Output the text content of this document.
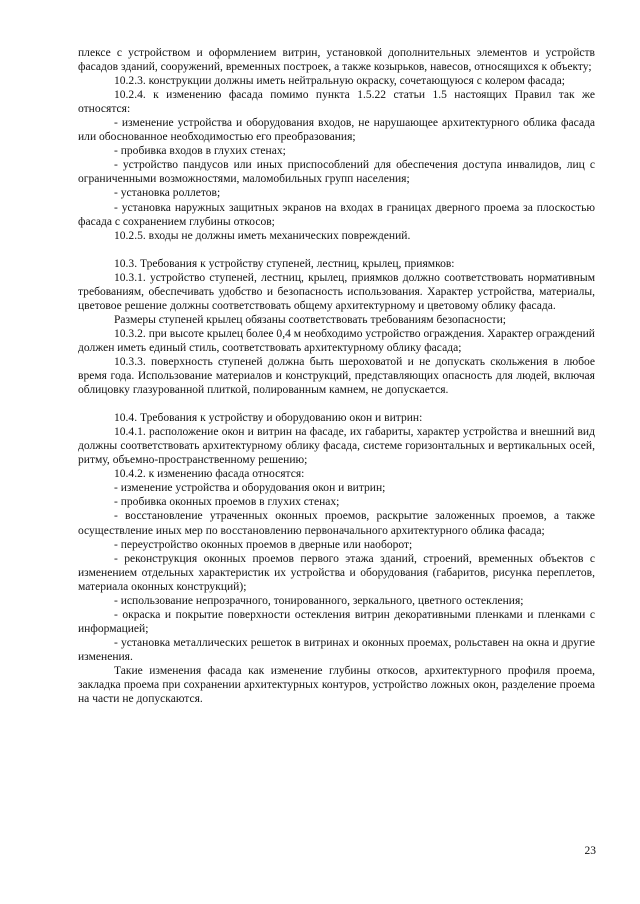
плексе с устройством и оформлением витрин, установкой дополнительных элементов и устройств фасадов зданий, сооружений, временных построек, а также козырьков, навесов, относящихся к объекту;

10.2.3. конструкции должны иметь нейтральную окраску, сочетающуюся с колером фасада;

10.2.4. к изменению фасада помимо пункта 1.5.22 статьи 1.5 настоящих Правил так же относятся:

- изменение устройства и оборудования входов, не нарушающее архитектурного облика фасада или обоснованное необходимостью его преобразования;

- пробивка входов в глухих стенах;

- устройство пандусов или иных приспособлений для обеспечения доступа инвалидов, лиц с ограниченными возможностями, маломобильных групп населения;

- установка роллетов;

- установка наружных защитных экранов на входах в границах дверного проема за плоскостью фасада с сохранением глубины откосов;

10.2.5. входы не должны иметь механических повреждений.

10.3. Требования к устройству ступеней, лестниц, крылец, приямков:

10.3.1. устройство ступеней, лестниц, крылец, приямков должно соответствовать нормативным требованиям, обеспечивать удобство и безопасность использования. Характер устройства, материалы, цветовое решение должны соответствовать общему архитектурному и цветовому облику фасада.

Размеры ступеней крылец обязаны соответствовать требованиям безопасности;

10.3.2. при высоте крылец более 0,4 м необходимо устройство ограждения. Характер ограждений должен иметь единый стиль, соответствовать архитектурному облику фасада;

10.3.3. поверхность ступеней должна быть шероховатой и не допускать скольжения в любое время года. Использование материалов и конструкций, представляющих опасность для людей, включая облицовку глазурованной плиткой, полированным камнем, не допускается.

10.4. Требования к устройству и оборудованию окон и витрин:

10.4.1. расположение окон и витрин на фасаде, их габариты, характер устройства и внешний вид должны соответствовать архитектурному облику фасада, системе горизонтальных и вертикальных осей, ритму, объемно-пространственному решению;

10.4.2. к изменению фасада относятся:

- изменение устройства и оборудования окон и витрин;

- пробивка оконных проемов в глухих стенах;

- восстановление утраченных оконных проемов, раскрытие заложенных проемов, а также осуществление иных мер по восстановлению первоначального архитектурного облика фасада;

- переустройство оконных проемов в дверные или наоборот;

- реконструкция оконных проемов первого этажа зданий, строений, временных объектов с изменением отдельных характеристик их устройства и оборудования (габаритов, рисунка переплетов, материала оконных конструкций);

- использование непрозрачного, тонированного, зеркального, цветного остекления;

- окраска и покрытие поверхности остекления витрин декоративными пленками и пленками с информацией;

- установка металлических решеток в витринах и оконных проемах, рольставен на окна и другие изменения.

Такие изменения фасада как изменение глубины откосов, архитектурного профиля проема, закладка проема при сохранении архитектурных контуров, устройство ложных окон, разделение проема на части не допускаются.

23
